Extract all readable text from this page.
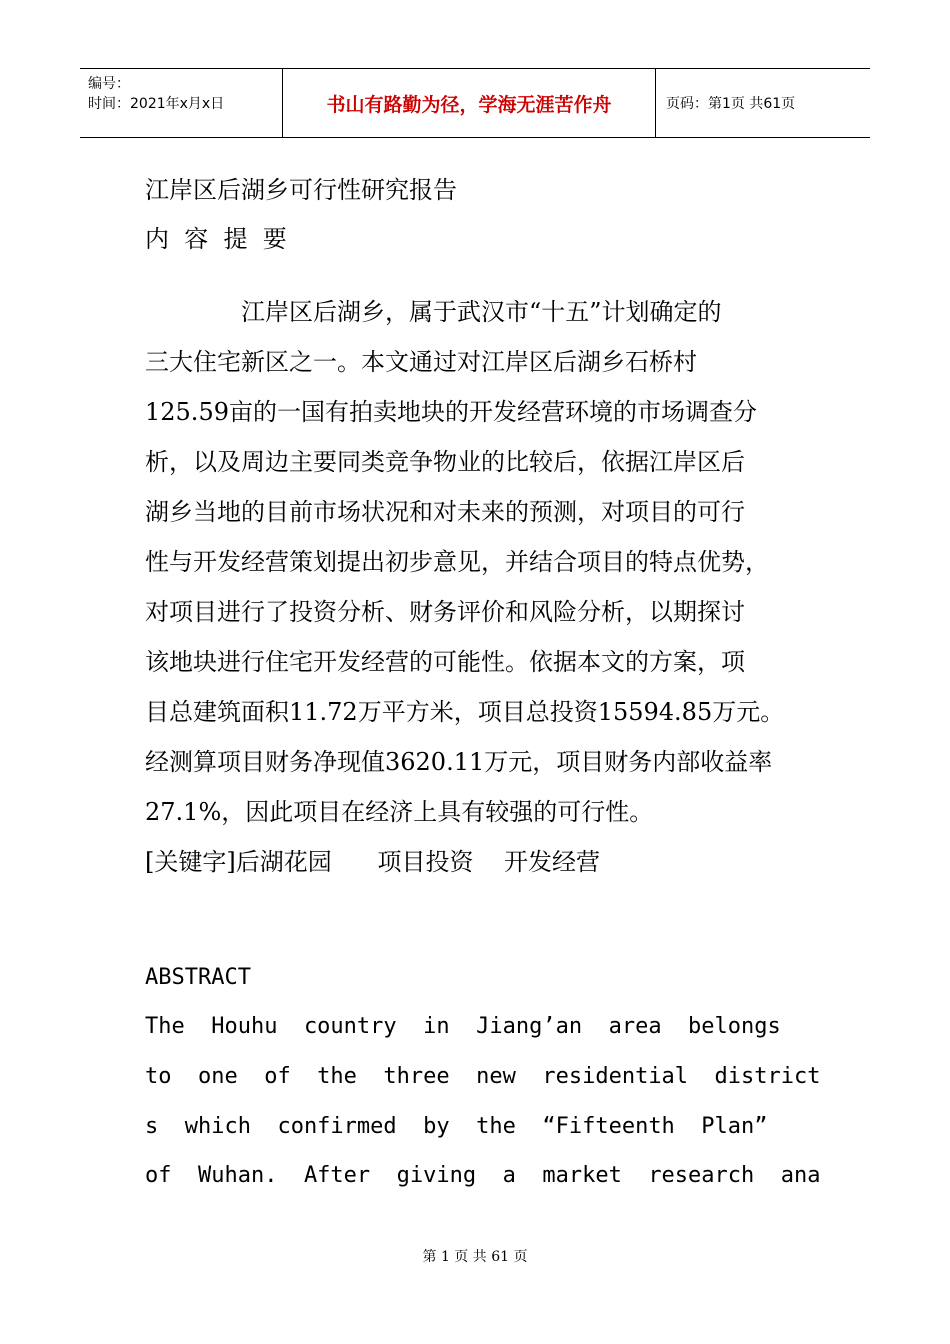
编号：
时间：2021年x月x日	书山有路勤为径，学海无涯苦作舟	页码：第1页 共61页
江岸区后湖乡可行性研究报告
内  容  提  要
江岸区后湖乡，属于武汉市“十五”计划确定的
三大住宅新区之一。本文通过对江岸区后湖乡石桥村
125.59亩的一国有拍卖地块的开发经营环境的市场调查分
析，以及周边主要同类竞争物业的比较后，依据江岸区后
湖乡当地的目前市场状况和对未来的预测，对项目的可行
性与开发经营策划提出初步意见，并结合项目的特点优势，
对项目进行了投资分析、财务评价和风险分析，以期探讨
该地块进行住宅开发经营的可能性。依据本文的方案，项
目总建筑面积11.72万平方米，项目总投资15594.85万元。
经测算项目财务净现值3620.11万元，项目财务内部收益率
27.1%，因此项目在经济上具有较强的可行性。
[关键字]后湖花园      项目投资    开发经营
ABSTRACT
The  Houhu  country  in  Jiang’an  area  belongs
to  one  of  the  three  new  residential  district
s  which  confirmed  by  the  “Fifteenth  Plan”
of  Wuhan.  After  giving  a  market  research  ana
第 1 页 共 61 页
